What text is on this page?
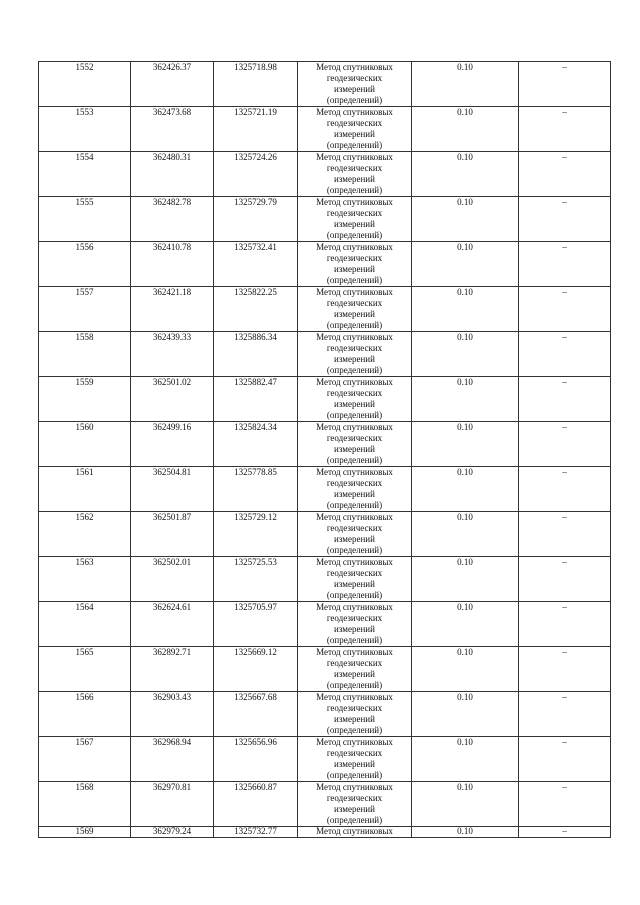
1552	362426.37	1325718.98	Метод спутниковых
геодезических
измерений
(определений)	0.10	–
1553	362473.68	1325721.19	Метод спутниковых
геодезических
измерений
(определений)	0.10	–
1554	362480.31	1325724.26	Метод спутниковых
геодезических
измерений
(определений)	0.10	–
1555	362482.78	1325729.79	Метод спутниковых
геодезических
измерений
(определений)	0.10	–
1556	362410.78	1325732.41	Метод спутниковых
геодезических
измерений
(определений)	0.10	–
1557	362421.18	1325822.25	Метод спутниковых
геодезических
измерений
(определений)	0.10	–
1558	362439.33	1325886.34	Метод спутниковых
геодезических
измерений
(определений)	0.10	–
1559	362501.02	1325882.47	Метод спутниковых
геодезических
измерений
(определений)	0.10	–
1560	362499.16	1325824.34	Метод спутниковых
геодезических
измерений
(определений)	0.10	–
1561	362504.81	1325778.85	Метод спутниковых
геодезических
измерений
(определений)	0.10	–
1562	362501.87	1325729.12	Метод спутниковых
геодезических
измерений
(определений)	0.10	–
1563	362502.01	1325725.53	Метод спутниковых
геодезических
измерений
(определений)	0.10	–
1564	362624.61	1325705.97	Метод спутниковых
геодезических
измерений
(определений)	0.10	–
1565	362892.71	1325669.12	Метод спутниковых
геодезических
измерений
(определений)	0.10	–
1566	362903.43	1325667.68	Метод спутниковых
геодезических
измерений
(определений)	0.10	–
1567	362968.94	1325656.96	Метод спутниковых
геодезических
измерений
(определений)	0.10	–
1568	362970.81	1325660.87	Метод спутниковых
геодезических
измерений
(определений)	0.10	–
1569	362979.24	1325732.77	Метод спутниковых	0.10	–
